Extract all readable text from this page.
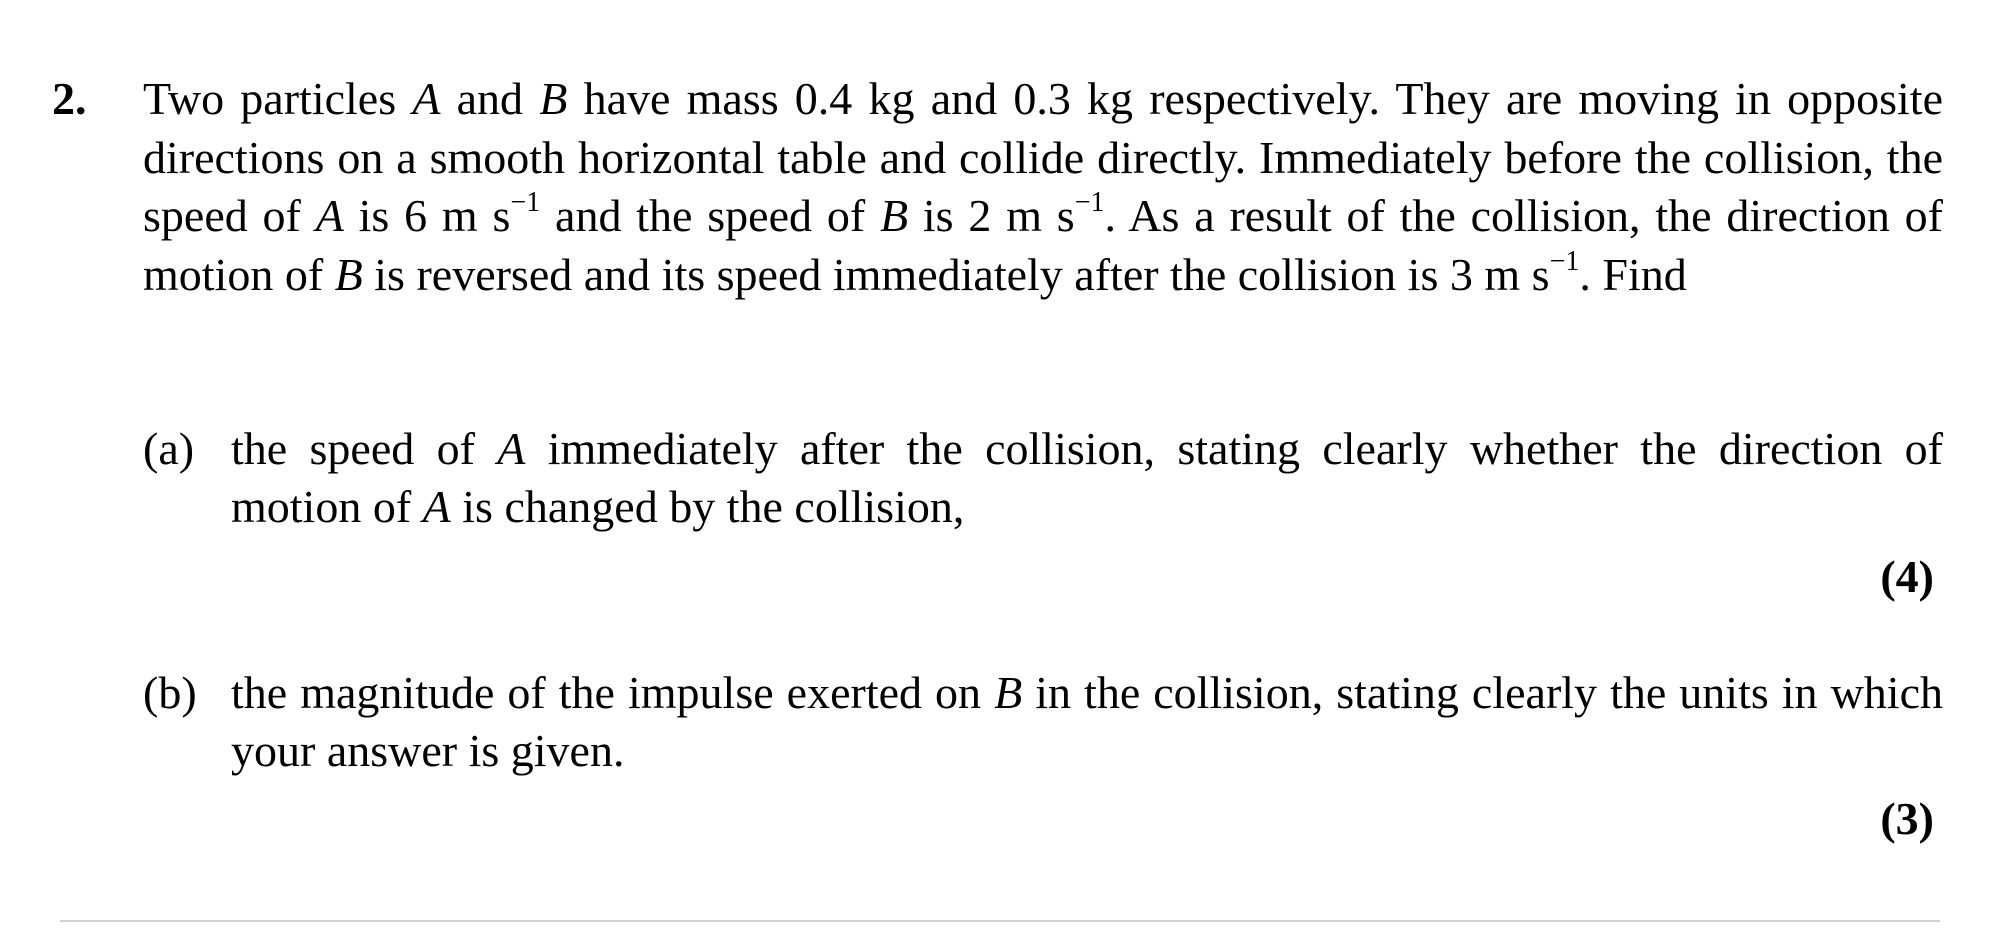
2. Two particles A and B have mass 0.4 kg and 0.3 kg respectively. They are moving in opposite directions on a smooth horizontal table and collide directly. Immediately before the collision, the speed of A is 6 m $s^{-1}$ and the speed of B is 2 m $s^{-1}$. As a result of the collision, the direction of motion of B is reversed and its speed immediately after the collision is 3 m $s^{-1}$. Find
(a) the speed of A immediately after the collision, stating clearly whether the direction of motion of A is changed by the collision,
(4)
(b) the magnitude of the impulse exerted on B in the collision, stating clearly the units in which your answer is given.
(3)
